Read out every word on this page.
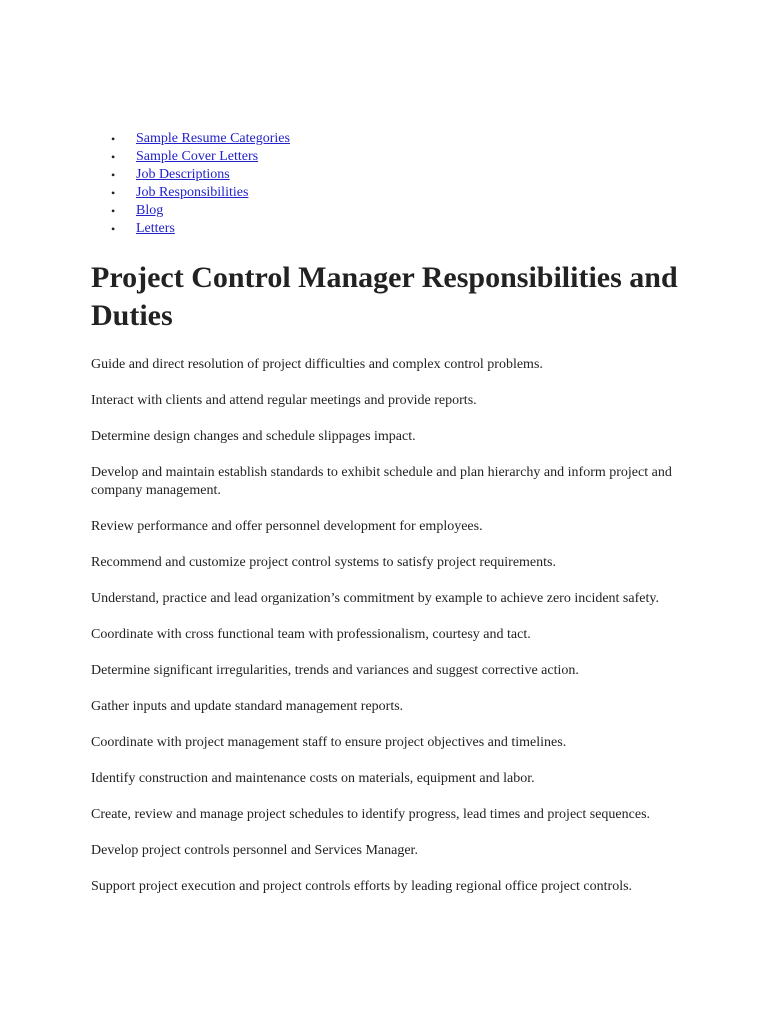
• Sample Resume Categories
• Sample Cover Letters
• Job Descriptions
• Job Responsibilities
• Blog
• Letters
Project Control Manager Responsibilities and Duties

Guide and direct resolution of project difficulties and complex control problems.

Interact with clients and attend regular meetings and provide reports.

Determine design changes and schedule slippages impact.

Develop and maintain establish standards to exhibit schedule and plan hierarchy and inform project and company management.

Review performance and offer personnel development for employees.

Recommend and customize project control systems to satisfy project requirements.

Understand, practice and lead organization’s commitment by example to achieve zero incident safety.

Coordinate with cross functional team with professionalism, courtesy and tact.

Determine significant irregularities, trends and variances and suggest corrective action.

Gather inputs and update standard management reports.

Coordinate with project management staff to ensure project objectives and timelines.

Identify construction and maintenance costs on materials, equipment and labor.

Create, review and manage project schedules to identify progress, lead times and project sequences.

Develop project controls personnel and Services Manager.

Support project execution and project controls efforts by leading regional office project controls.
